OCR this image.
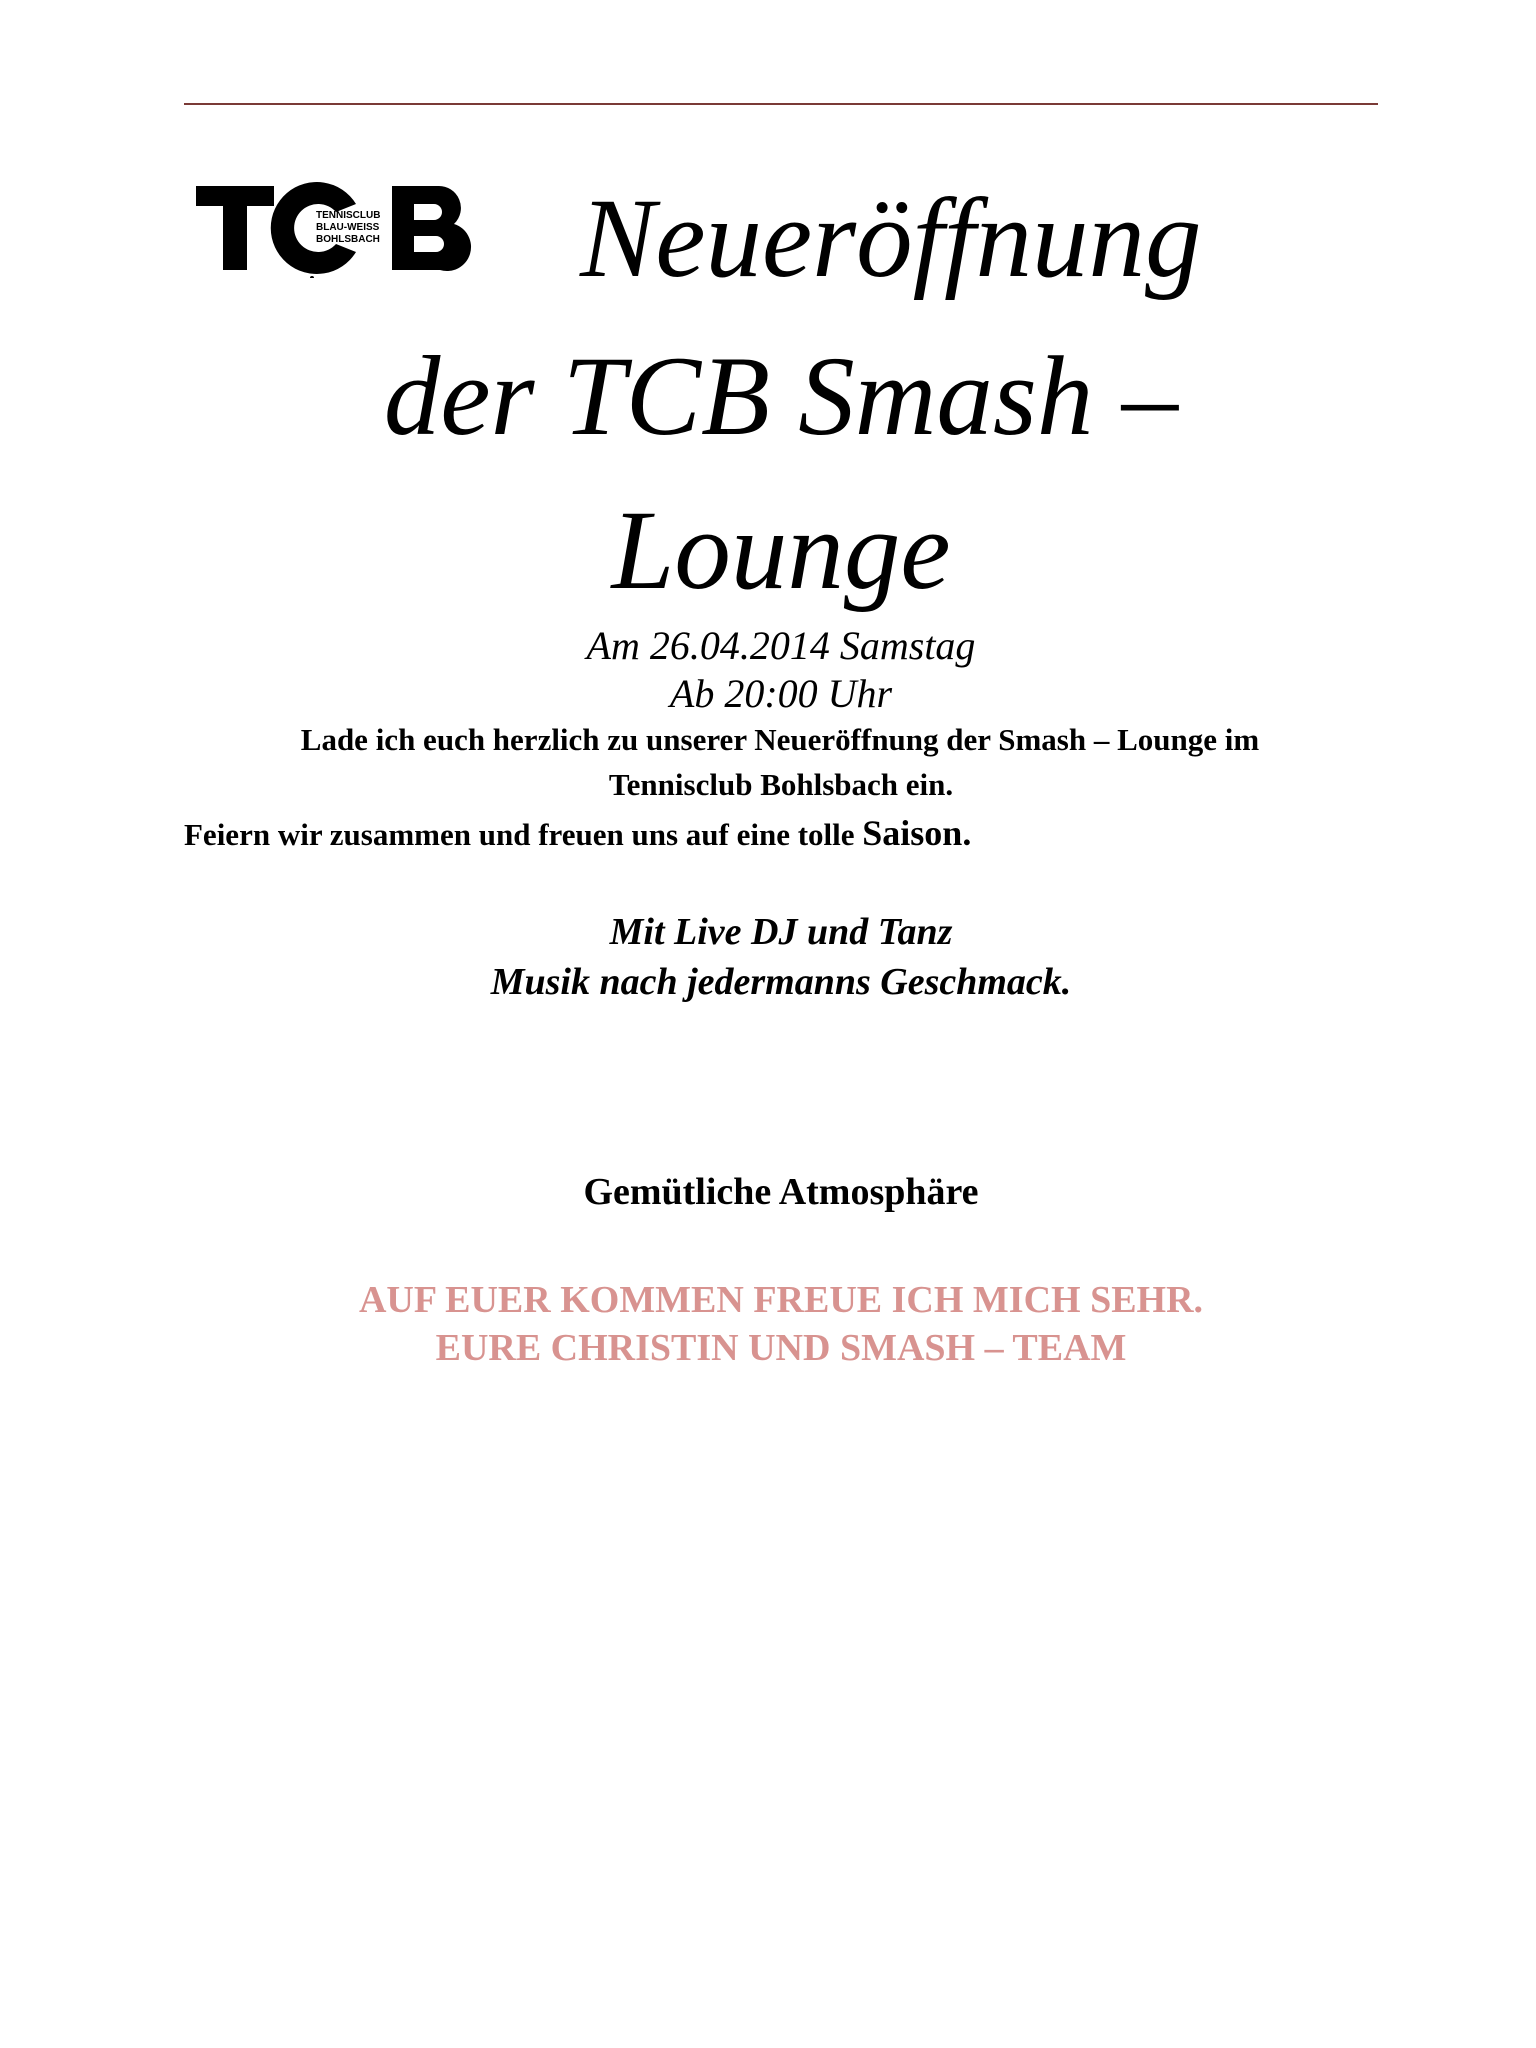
TENNISCLUB
BLAU-WEISS
BOHLSBACH Neueröffnung
der TCB Smash –
Lounge

Am 26.04.2014 Samstag

Ab 20:00 Uhr

Lade ich euch herzlich zu unserer Neueröffnung der Smash – Lounge im

Tennisclub Bohlsbach ein.

Feiern wir zusammen und freuen uns auf eine tolle Saison.

Mit Live DJ und Tanz

Musik nach jedermanns Geschmack.

Gemütliche Atmosphäre

AUF EUER KOMMEN FREUE ICH MICH SEHR.

EURE CHRISTIN UND SMASH – TEAM
